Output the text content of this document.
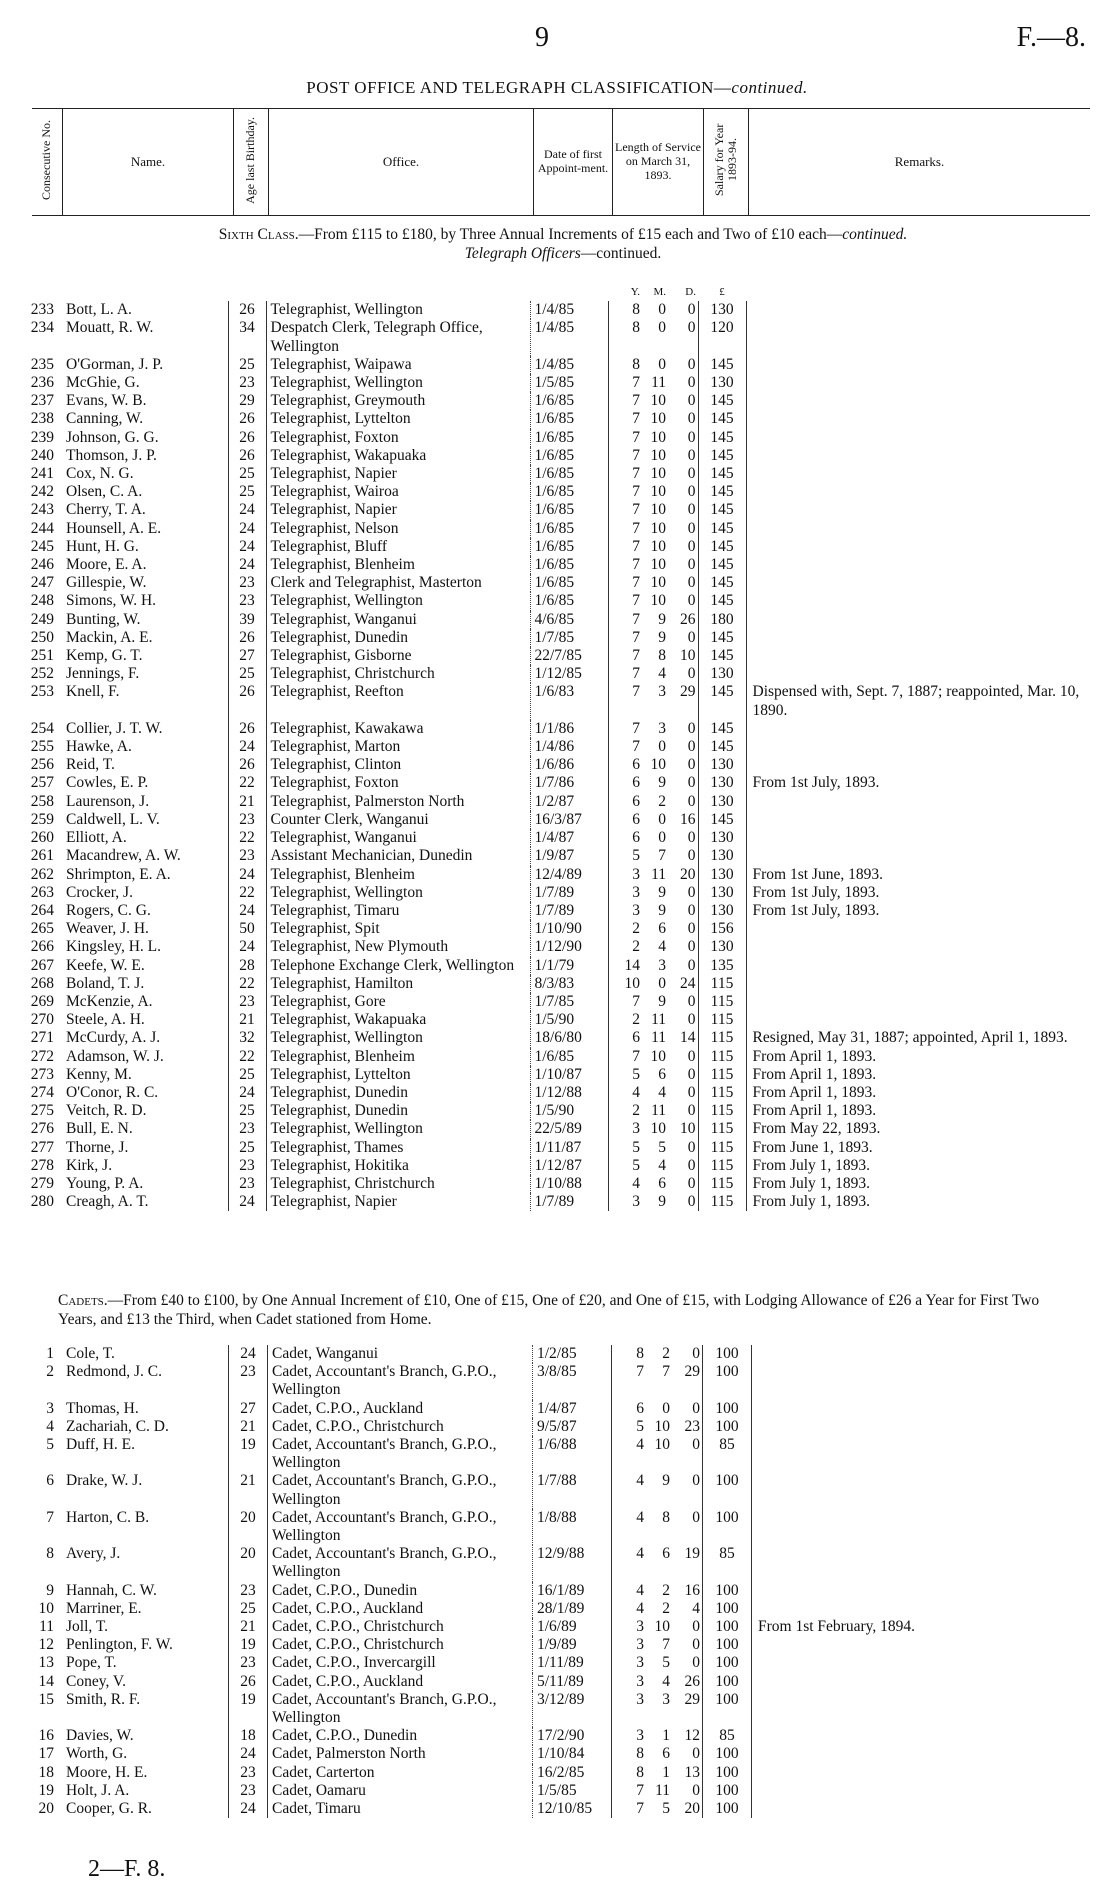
9	F.—8.
POST OFFICE AND TELEGRAPH CLASSIFICATION—continued.
Consecutive No.	Name.	Age last Birthday.	Office.	Date of first Appoint-ment.	Length of Service on March 31, 1893.	Salary for Year 1893-94.	Remarks.
Sixth Class.—From £115 to £180, by Three Annual Increments of £15 each and Two of £10 each—continued.
Telegraph Officers—continued.
					Y.	M.	D.	£	
233	Bott, L. A.	26	Telegraphist, Wellington	1/4/85	8	0	0	130	
234	Mouatt, R. W.	34	Despatch Clerk, Telegraph Office, Wellington	1/4/85	8	0	0	120	
235	O'Gorman, J. P.	25	Telegraphist, Waipawa	1/4/85	8	0	0	145	
236	McGhie, G.	23	Telegraphist, Wellington	1/5/85	7	11	0	130	
237	Evans, W. B.	29	Telegraphist, Greymouth	1/6/85	7	10	0	145	
238	Canning, W.	26	Telegraphist, Lyttelton	1/6/85	7	10	0	145	
239	Johnson, G. G.	26	Telegraphist, Foxton	1/6/85	7	10	0	145	
240	Thomson, J. P.	26	Telegraphist, Wakapuaka	1/6/85	7	10	0	145	
241	Cox, N. G.	25	Telegraphist, Napier	1/6/85	7	10	0	145	
242	Olsen, C. A.	25	Telegraphist, Wairoa	1/6/85	7	10	0	145	
243	Cherry, T. A.	24	Telegraphist, Napier	1/6/85	7	10	0	145	
244	Hounsell, A. E.	24	Telegraphist, Nelson	1/6/85	7	10	0	145	
245	Hunt, H. G.	24	Telegraphist, Bluff	1/6/85	7	10	0	145	
246	Moore, E. A.	24	Telegraphist, Blenheim	1/6/85	7	10	0	145	
247	Gillespie, W.	23	Clerk and Telegraphist, Masterton	1/6/85	7	10	0	145	
248	Simons, W. H.	23	Telegraphist, Wellington	1/6/85	7	10	0	145	
249	Bunting, W.	39	Telegraphist, Wanganui	4/6/85	7	9	26	180	
250	Mackin, A. E.	26	Telegraphist, Dunedin	1/7/85	7	9	0	145	
251	Kemp, G. T.	27	Telegraphist, Gisborne	22/7/85	7	8	10	145	
252	Jennings, F.	25	Telegraphist, Christchurch	1/12/85	7	4	0	130	
253	Knell, F.	26	Telegraphist, Reefton	1/6/83	7	3	29	145	Dispensed with, Sept. 7, 1887; reappointed, Mar. 10, 1890.
254	Collier, J. T. W.	26	Telegraphist, Kawakawa	1/1/86	7	3	0	145	
255	Hawke, A.	24	Telegraphist, Marton	1/4/86	7	0	0	145	
256	Reid, T.	26	Telegraphist, Clinton	1/6/86	6	10	0	130	
257	Cowles, E. P.	22	Telegraphist, Foxton	1/7/86	6	9	0	130	From 1st July, 1893.
258	Laurenson, J.	21	Telegraphist, Palmerston North	1/2/87	6	2	0	130	
259	Caldwell, L. V.	23	Counter Clerk, Wanganui	16/3/87	6	0	16	145	
260	Elliott, A.	22	Telegraphist, Wanganui	1/4/87	6	0	0	130	
261	Macandrew, A. W.	23	Assistant Mechanician, Dunedin	1/9/87	5	7	0	130	
262	Shrimpton, E. A.	24	Telegraphist, Blenheim	12/4/89	3	11	20	130	From 1st June, 1893.
263	Crocker, J.	22	Telegraphist, Wellington	1/7/89	3	9	0	130	From 1st July, 1893.
264	Rogers, C. G.	24	Telegraphist, Timaru	1/7/89	3	9	0	130	From 1st July, 1893.
265	Weaver, J. H.	50	Telegraphist, Spit	1/10/90	2	6	0	156	
266	Kingsley, H. L.	24	Telegraphist, New Plymouth	1/12/90	2	4	0	130	
267	Keefe, W. E.	28	Telephone Exchange Clerk, Wellington	1/1/79	14	3	0	135	
268	Boland, T. J.	22	Telegraphist, Hamilton	8/3/83	10	0	24	115	
269	McKenzie, A.	23	Telegraphist, Gore	1/7/85	7	9	0	115	
270	Steele, A. H.	21	Telegraphist, Wakapuaka	1/5/90	2	11	0	115	
271	McCurdy, A. J.	32	Telegraphist, Wellington	18/6/80	6	11	14	115	Resigned, May 31, 1887; appointed, April 1, 1893.
272	Adamson, W. J.	22	Telegraphist, Blenheim	1/6/85	7	10	0	115	From April 1, 1893.
273	Kenny, M.	25	Telegraphist, Lyttelton	1/10/87	5	6	0	115	From April 1, 1893.
274	O'Conor, R. C.	24	Telegraphist, Dunedin	1/12/88	4	4	0	115	From April 1, 1893.
275	Veitch, R. D.	25	Telegraphist, Dunedin	1/5/90	2	11	0	115	From April 1, 1893.
276	Bull, E. N.	23	Telegraphist, Wellington	22/5/89	3	10	10	115	From May 22, 1893.
277	Thorne, J.	25	Telegraphist, Thames	1/11/87	5	5	0	115	From June 1, 1893.
278	Kirk, J.	23	Telegraphist, Hokitika	1/12/87	5	4	0	115	From July 1, 1893.
279	Young, P. A.	23	Telegraphist, Christchurch	1/10/88	4	6	0	115	From July 1, 1893.
280	Creagh, A. T.	24	Telegraphist, Napier	1/7/89	3	9	0	115	From July 1, 1893.
Cadets.—From £40 to £100, by One Annual Increment of £10, One of £15, One of £20, and One of £15, with Lodging Allowance of £26 a Year for First Two Years, and £13 the Third, when Cadet stationed from Home.
1	Cole, T.	24	Cadet, Wanganui	1/2/85	8	2	0	100	
2	Redmond, J. C.	23	Cadet, Accountant's Branch, G.P.O., Wellington	3/8/85	7	7	29	100	
3	Thomas, H.	27	Cadet, C.P.O., Auckland	1/4/87	6	0	0	100	
4	Zachariah, C. D.	21	Cadet, C.P.O., Christchurch	9/5/87	5	10	23	100	
5	Duff, H. E.	19	Cadet, Accountant's Branch, G.P.O., Wellington	1/6/88	4	10	0	85	
6	Drake, W. J.	21	Cadet, Accountant's Branch, G.P.O., Wellington	1/7/88	4	9	0	100	
7	Harton, C. B.	20	Cadet, Accountant's Branch, G.P.O., Wellington	1/8/88	4	8	0	100	
8	Avery, J.	20	Cadet, Accountant's Branch, G.P.O., Wellington	12/9/88	4	6	19	85	
9	Hannah, C. W.	23	Cadet, C.P.O., Dunedin	16/1/89	4	2	16	100	
10	Marriner, E.	25	Cadet, C.P.O., Auckland	28/1/89	4	2	4	100	
11	Joll, T.	21	Cadet, C.P.O., Christchurch	1/6/89	3	10	0	100	From 1st February, 1894.
12	Penlington, F. W.	19	Cadet, C.P.O., Christchurch	1/9/89	3	7	0	100	
13	Pope, T.	23	Cadet, C.P.O., Invercargill	1/11/89	3	5	0	100	
14	Coney, V.	26	Cadet, C.P.O., Auckland	5/11/89	3	4	26	100	
15	Smith, R. F.	19	Cadet, Accountant's Branch, G.P.O., Wellington	3/12/89	3	3	29	100	
16	Davies, W.	18	Cadet, C.P.O., Dunedin	17/2/90	3	1	12	85	
17	Worth, G.	24	Cadet, Palmerston North	1/10/84	8	6	0	100	
18	Moore, H. E.	23	Cadet, Carterton	16/2/85	8	1	13	100	
19	Holt, J. A.	23	Cadet, Oamaru	1/5/85	7	11	0	100	
20	Cooper, G. R.	24	Cadet, Timaru	12/10/85	7	5	20	100	
2—F. 8.
